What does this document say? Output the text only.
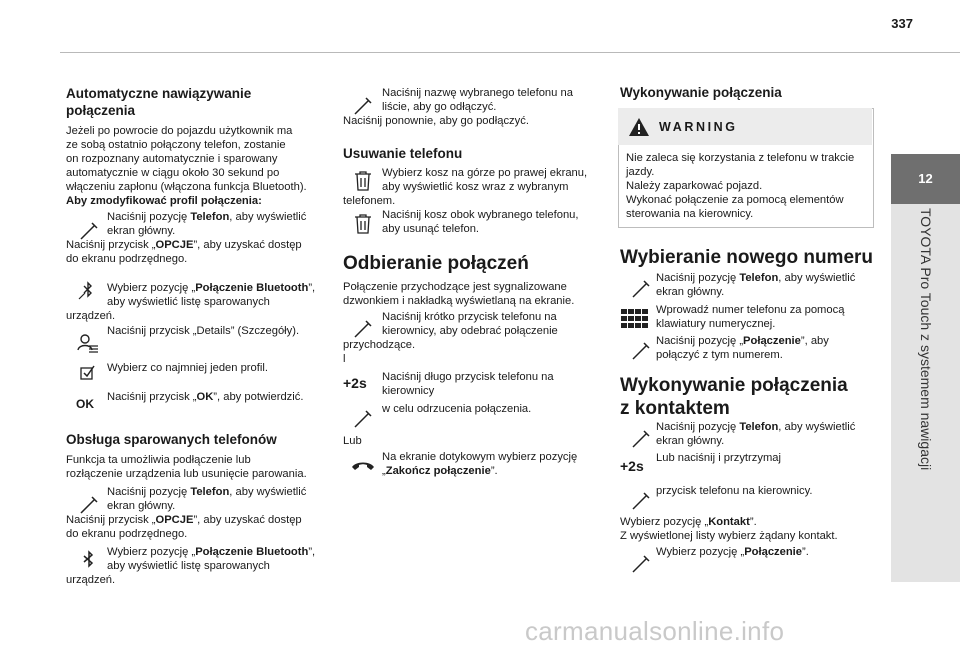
337
12
TOYOTA Pro Touch z systemem nawigacji
Automatyczne nawiązywanie
połączenia
Jeżeli po powrocie do pojazdu użytkownik ma
ze sobą ostatnio połączony telefon, zostanie
on rozpoznany automatycznie i sparowany
automatycznie w ciągu około 30 sekund po
włączeniu zapłonu (włączona funkcja Bluetooth).
Aby zmodyfikować profil połączenia:
Naciśnij pozycję Telefon, aby wyświetlić
ekran główny.
Naciśnij przycisk „OPCJE”, aby uzyskać dostęp
do ekranu podrzędnego.
Wybierz pozycję „Połączenie Bluetooth”,
aby wyświetlić listę sparowanych
urządzeń.
Naciśnij przycisk „Details” (Szczegóły).
Wybierz co najmniej jeden profil.
OK Naciśnij przycisk „OK”, aby potwierdzić.
Obsługa sparowanych telefonów
Funkcja ta umożliwia podłączenie lub
rozłączenie urządzenia lub usunięcie parowania.
Naciśnij pozycję Telefon, aby wyświetlić
ekran główny.
Naciśnij przycisk „OPCJE”, aby uzyskać dostęp
do ekranu podrzędnego.
Wybierz pozycję „Połączenie Bluetooth”,
aby wyświetlić listę sparowanych
urządzeń.
Naciśnij nazwę wybranego telefonu na
liście, aby go odłączyć.
Naciśnij ponownie, aby go podłączyć.
Usuwanie telefonu
Wybierz kosz na górze po prawej ekranu,
aby wyświetlić kosz wraz z wybranym
telefonem.
Naciśnij kosz obok wybranego telefonu,
aby usunąć telefon.
Odbieranie połączeń
Połączenie przychodzące jest sygnalizowane
dzwonkiem i nakładką wyświetlaną na ekranie.
Naciśnij krótko przycisk telefonu na
kierownicy, aby odebrać połączenie
przychodzące.
l
+2s Naciśnij długo przycisk telefonu na
kierownicy
w celu odrzucenia połączenia.
Lub
Na ekranie dotykowym wybierz pozycję
„Zakończ połączenie”.
Wykonywanie połączenia
WARNING
Nie zaleca się korzystania z telefonu w trakcie
jazdy.
Należy zaparkować pojazd.
Wykonać połączenie za pomocą elementów
sterowania na kierownicy.
Wybieranie nowego numeru
Naciśnij pozycję Telefon, aby wyświetlić
ekran główny.
Wprowadź numer telefonu za pomocą
klawiatury numerycznej.
Naciśnij pozycję „Połączenie”, aby
połączyć z tym numerem.
Wykonywanie połączenia
z kontaktem
Naciśnij pozycję Telefon, aby wyświetlić
ekran główny.
+2s Lub naciśnij i przytrzymaj
przycisk telefonu na kierownicy.
Wybierz pozycję „Kontakt”.
Z wyświetlonej listy wybierz żądany kontakt.
Wybierz pozycję „Połączenie”.
carmanualsonline.info
